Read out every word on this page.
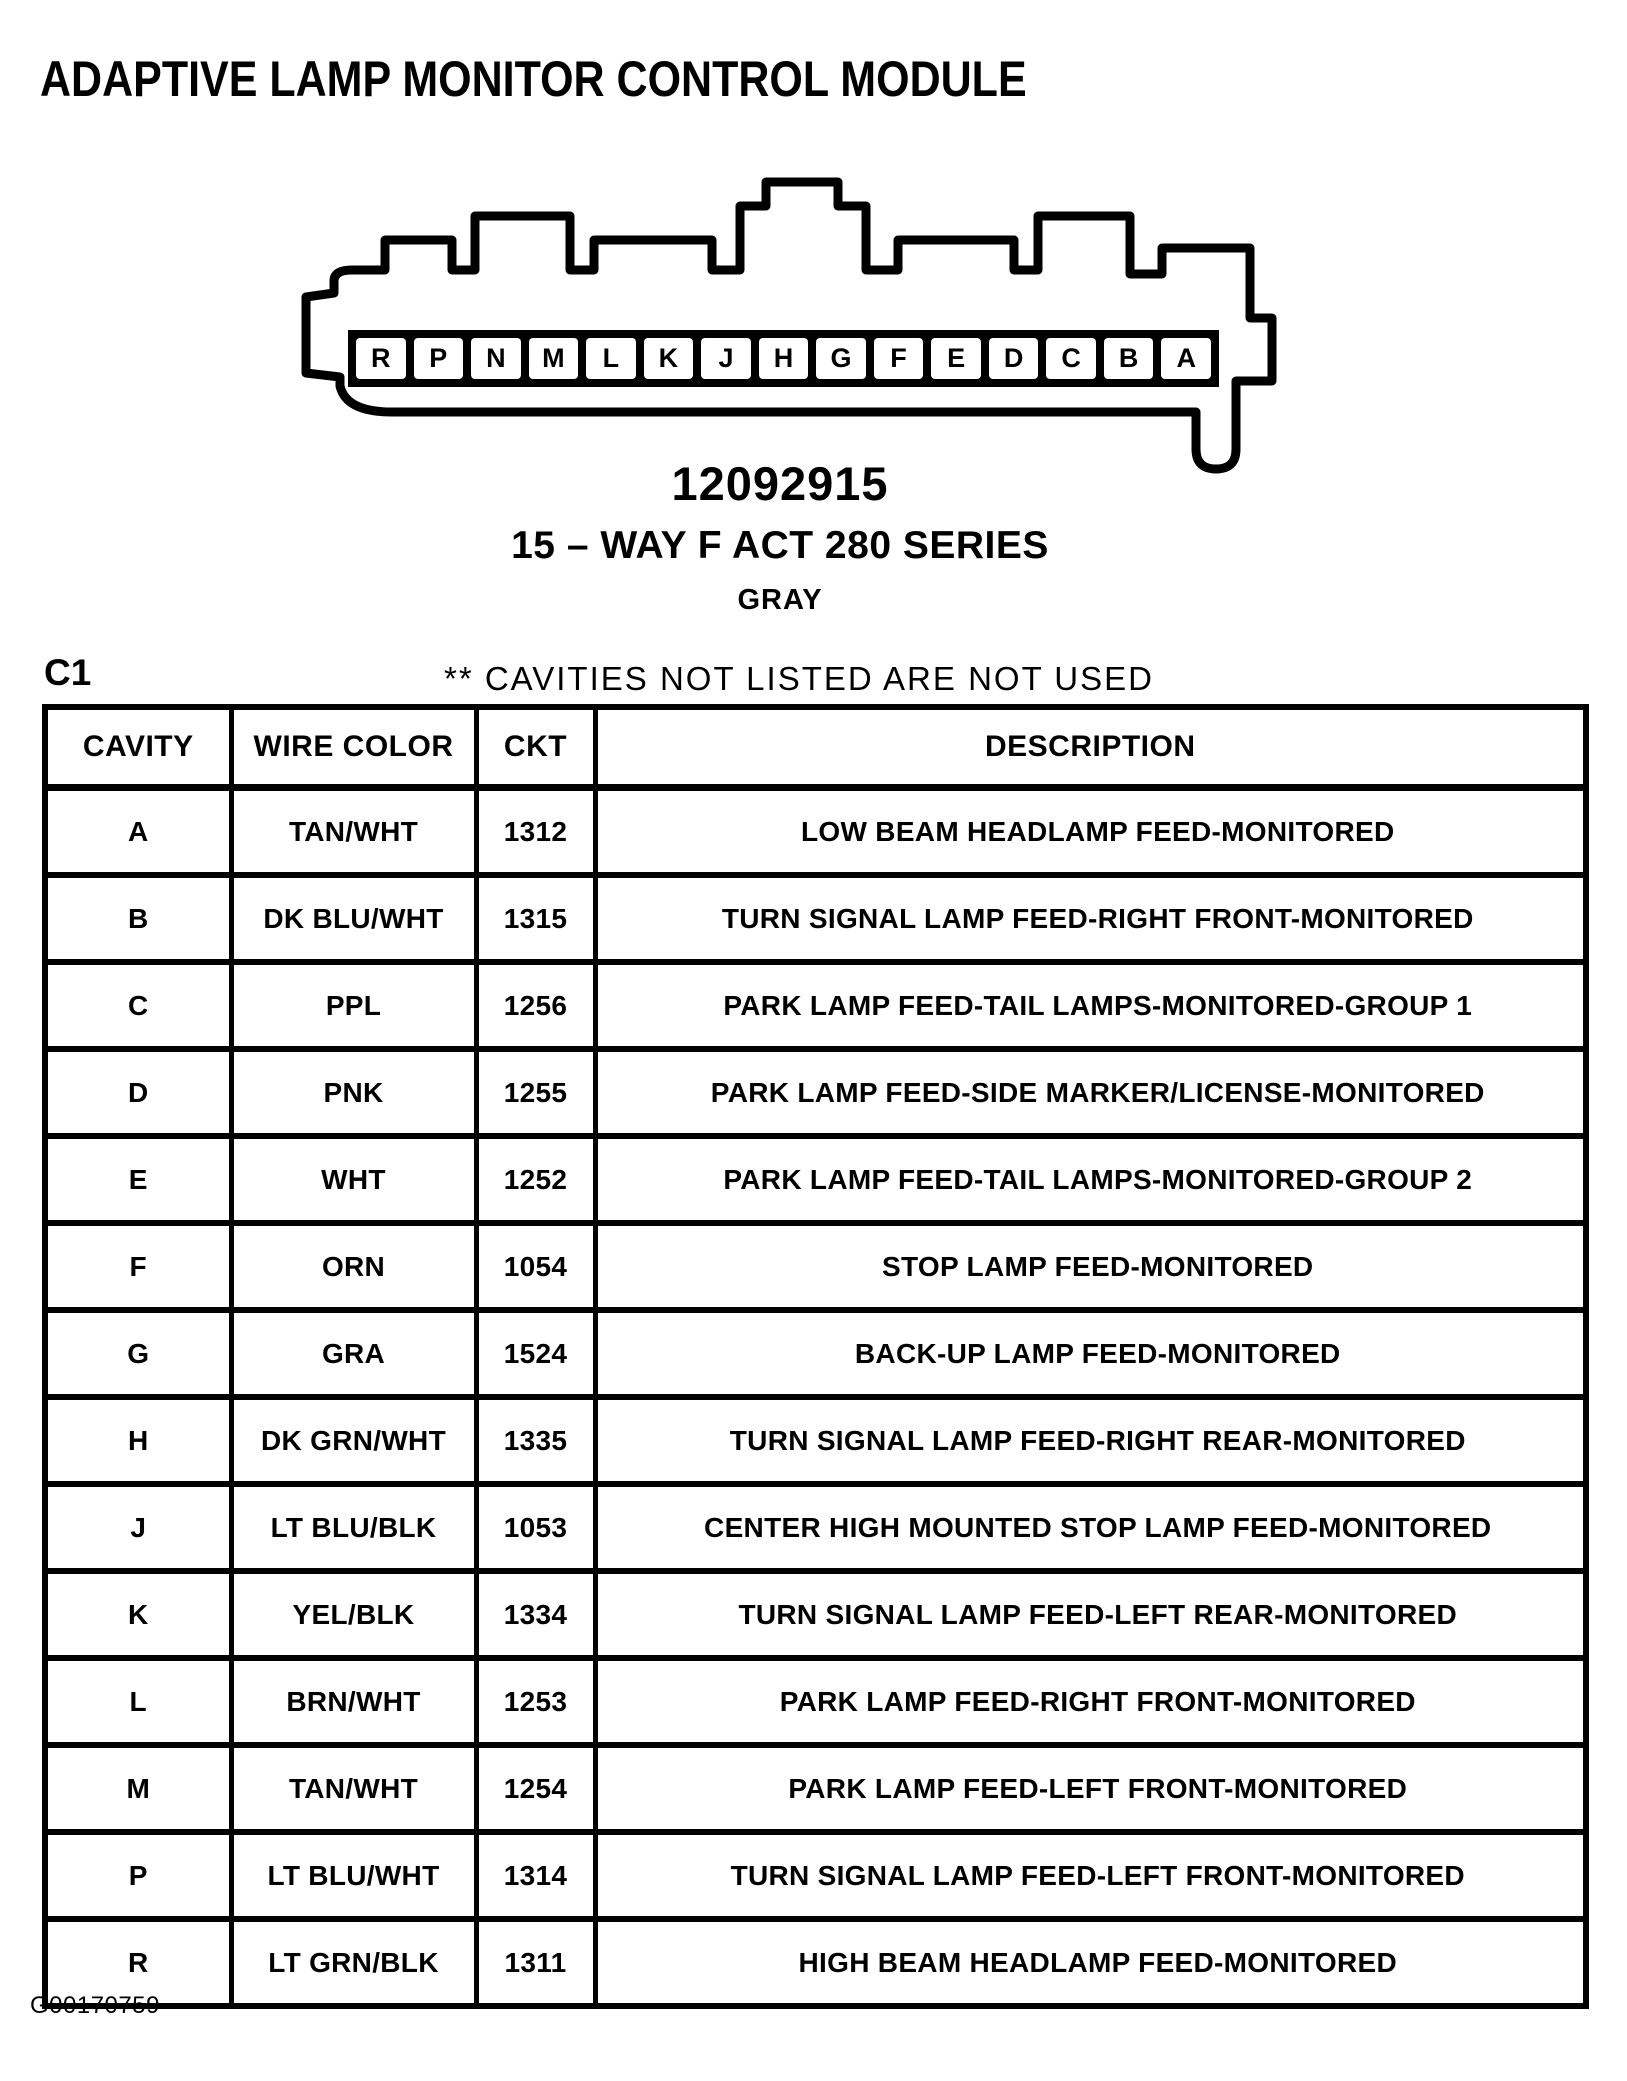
ADAPTIVE LAMP MONITOR CONTROL MODULE
R	P	N	M	L	K	J	H	G	F	E	D	C	B	A
12092915
15 – WAY F ACT 280 SERIES
GRAY
C1	** CAVITIES NOT LISTED ARE NOT USED
CAVITY	WIRE COLOR	CKT	DESCRIPTION
A	TAN/WHT	1312	LOW BEAM HEADLAMP FEED-MONITORED
B	DK BLU/WHT	1315	TURN SIGNAL LAMP FEED-RIGHT FRONT-MONITORED
C	PPL	1256	PARK LAMP FEED-TAIL LAMPS-MONITORED-GROUP 1
D	PNK	1255	PARK LAMP FEED-SIDE MARKER/LICENSE-MONITORED
E	WHT	1252	PARK LAMP FEED-TAIL LAMPS-MONITORED-GROUP 2
F	ORN	1054	STOP LAMP FEED-MONITORED
G	GRA	1524	BACK-UP LAMP FEED-MONITORED
H	DK GRN/WHT	1335	TURN SIGNAL LAMP FEED-RIGHT REAR-MONITORED
J	LT BLU/BLK	1053	CENTER HIGH MOUNTED STOP LAMP FEED-MONITORED
K	YEL/BLK	1334	TURN SIGNAL LAMP FEED-LEFT REAR-MONITORED
L	BRN/WHT	1253	PARK LAMP FEED-RIGHT FRONT-MONITORED
M	TAN/WHT	1254	PARK LAMP FEED-LEFT FRONT-MONITORED
P	LT BLU/WHT	1314	TURN SIGNAL LAMP FEED-LEFT FRONT-MONITORED
R	LT GRN/BLK	1311	HIGH BEAM HEADLAMP FEED-MONITORED
G00170759
